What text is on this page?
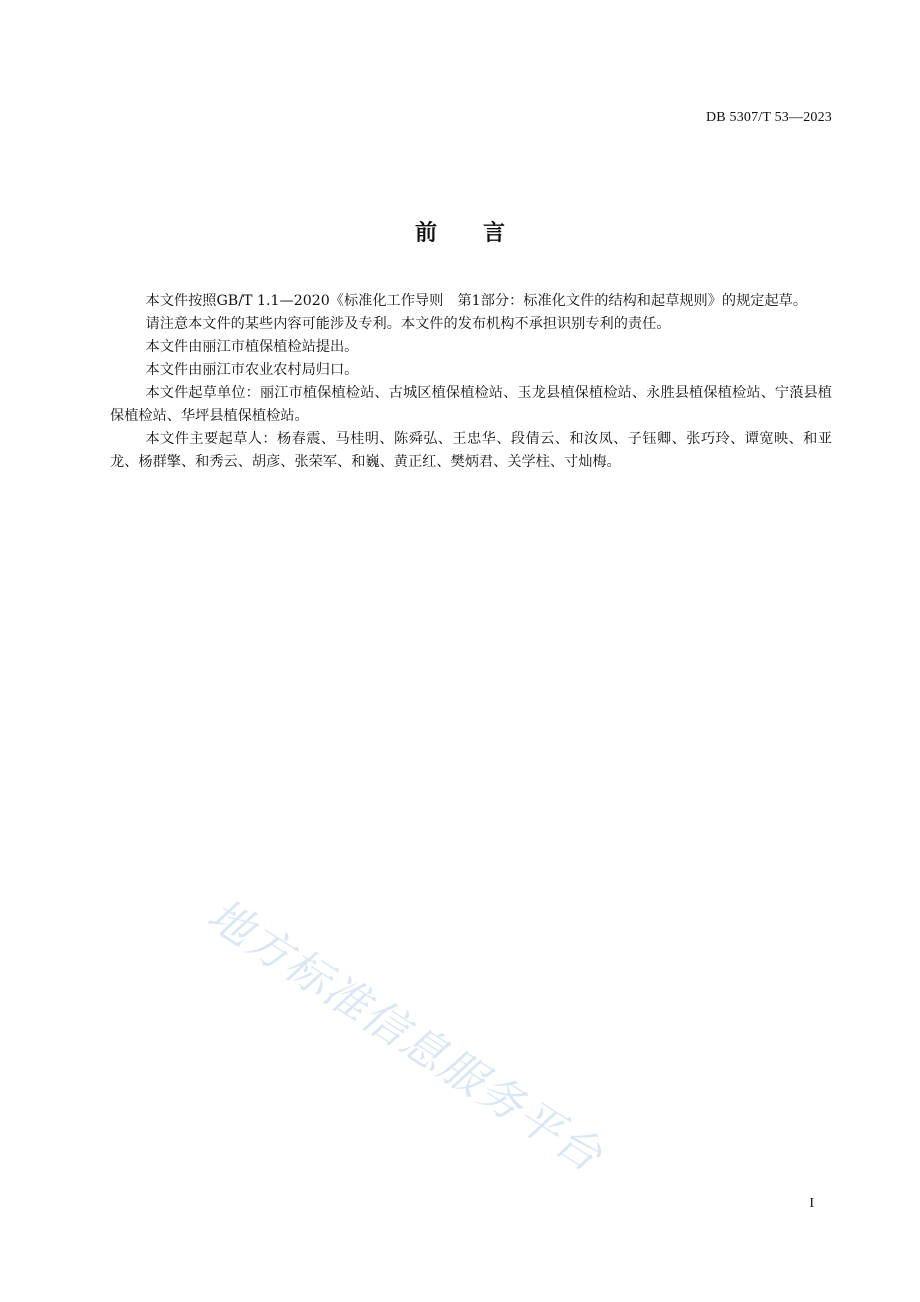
DB 5307/T 53—2023
前 言

本文件按照GB/T 1.1—2020《标准化工作导则　第1部分：标准化文件的结构和起草规则》的规定起草。

请注意本文件的某些内容可能涉及专利。本文件的发布机构不承担识别专利的责任。

本文件由丽江市植保植检站提出。

本文件由丽江市农业农村局归口。

本文件起草单位：丽江市植保植检站、古城区植保植检站、玉龙县植保植检站、永胜县植保植检站、宁蒗县植保植检站、华坪县植保植检站。

本文件主要起草人：杨春震、马桂明、陈舜弘、王忠华、段倩云、和汝凤、子钰卿、张巧玲、谭宽映、和亚龙、杨群擎、和秀云、胡彦、张荣军、和巍、黄正红、樊炳君、关学柱、寸灿梅。

地方标准信息服务平台
I
